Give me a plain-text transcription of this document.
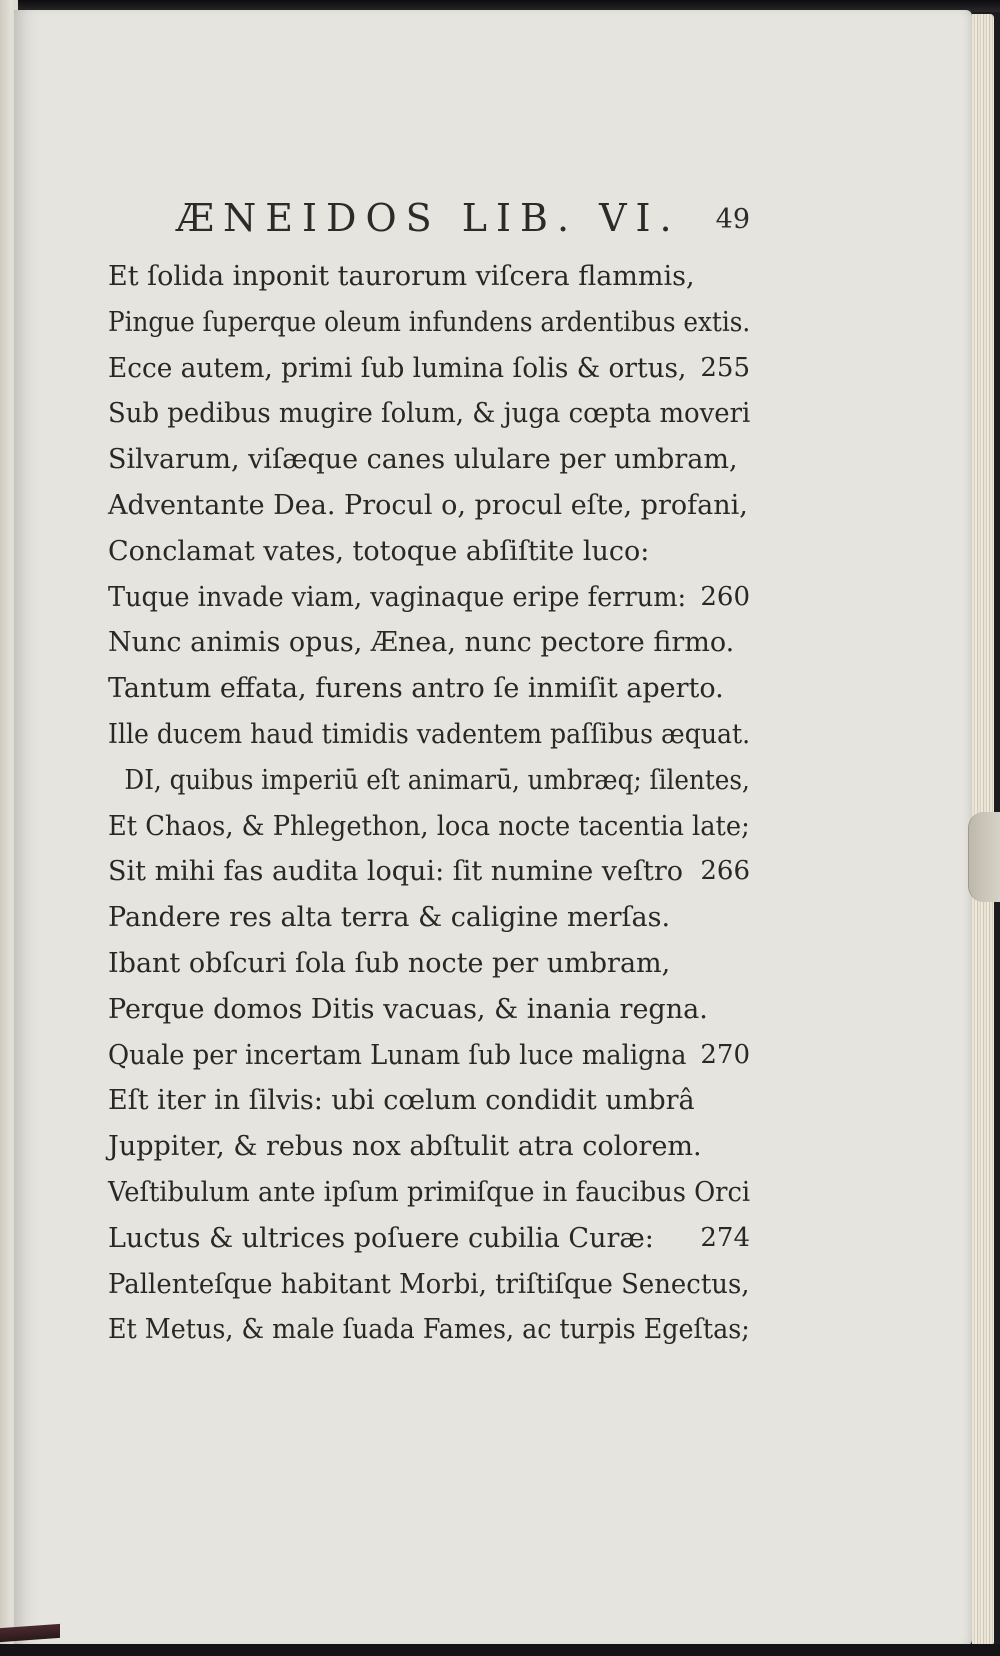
ÆNEIDOS LIB. VI. 49
Et ſolida inponit taurorum viſcera flammis,
Pingue ſuperque oleum infundens ardentibus extis.
Ecce autem, primi ſub lumina ſolis & ortus, 255
Sub pedibus mugire ſolum, & juga cœpta moveri
Silvarum, viſæque canes ululare per umbram,
Adventante Dea. Procul o, procul eſte, profani,
Conclamat vates, totoque abſiſtite luco:
Tuque invade viam, vaginaque eripe ferrum: 260
Nunc animis opus, Ænea, nunc pectore firmo.
Tantum effata, furens antro ſe inmiſit aperto.
Ille ducem haud timidis vadentem paſſibus æquat.
DI, quibus imperiū eſt animarū, umbræq; ſilentes,
Et Chaos, & Phlegethon, loca nocte tacentia late;
Sit mihi fas audita loqui: ſit numine veſtro 266
Pandere res alta terra & caligine merſas.
Ibant obſcuri ſola ſub nocte per umbram,
Perque domos Ditis vacuas, & inania regna.
Quale per incertam Lunam ſub luce maligna 270
Eſt iter in ſilvis: ubi cœlum condidit umbrâ
Juppiter, & rebus nox abſtulit atra colorem.
Veſtibulum ante ipſum primiſque in faucibus Orci
Luctus & ultrices poſuere cubilia Curæ: 274
Pallenteſque habitant Morbi, triſtiſque Senectus,
Et Metus, & male ſuada Fames, ac turpis Egeſtas;
